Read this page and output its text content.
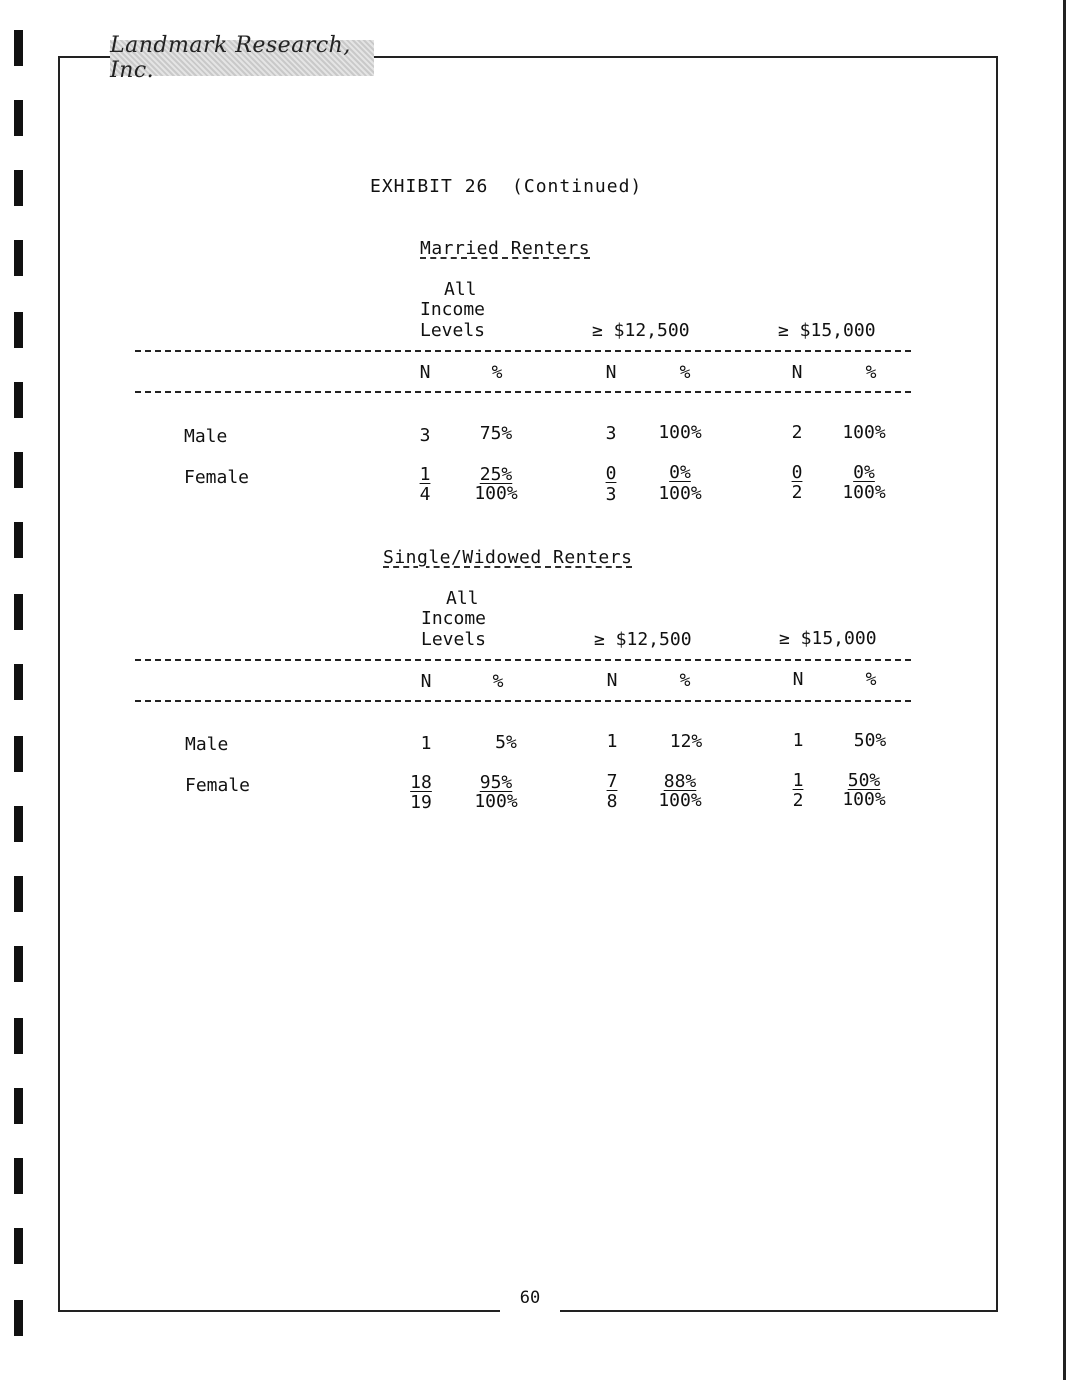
Landmark Research, Inc.
60
EXHIBIT 26  (Continued)
Married Renters
All
Income
Levels	≥ $12,500	≥ $15,000
N	%	N	%	N	%
Male	3	75%	3	100%	2	100%
Female	1	25%	0	0%	0	0%
4	100%	3	100%	2	100%
Single/Widowed Renters
All
Income
Levels	≥ $12,500	≥ $15,000
N	%	N	%	N	%
Male	1	5%	1	12%	1	50%
Female	18	95%	7	88%	1	50%
19	100%	8	100%	2	100%
